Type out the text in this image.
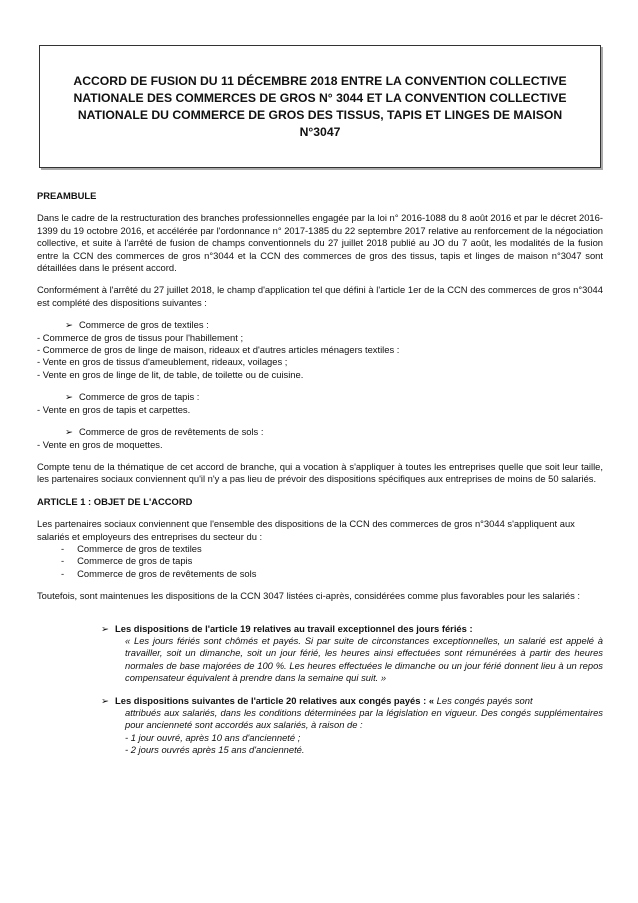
ACCORD DE FUSION DU 11 DÉCEMBRE 2018 ENTRE LA CONVENTION COLLECTIVE NATIONALE DES COMMERCES DE GROS N° 3044 ET LA CONVENTION COLLECTIVE NATIONALE DU COMMERCE DE GROS DES TISSUS, TAPIS ET LINGES DE MAISON N°3047

PREAMBULE

Dans le cadre de la restructuration des branches professionnelles engagée par la loi n° 2016-1088 du 8 août 2016 et par le décret 2016-1399 du 19 octobre 2016, et accélérée par l'ordonnance n° 2017-1385 du 22 septembre 2017 relative au renforcement de la négociation collective, et suite à l'arrêté de fusion de champs conventionnels du 27 juillet 2018 publié au JO du 7 août, les modalités de la fusion entre la CCN des commerces de gros n°3044 et la CCN des commerces de gros des tissus, tapis et linges de maison n°3047 sont détaillées dans le présent accord.

Conformément à l'arrêté du 27 juillet 2018, le champ d'application tel que défini à l'article 1er de la CCN des commerces de gros n°3044 est complété des dispositions suivantes :

➢ Commerce de gros de textiles :

- Commerce de gros de tissus pour l'habillement ;

- Commerce de gros de linge de maison, rideaux et d'autres articles ménagers textiles :

- Vente en gros de tissus d'ameublement, rideaux, voilages ;

- Vente en gros de linge de lit, de table, de toilette ou de cuisine.

➢ Commerce de gros de tapis :

- Vente en gros de tapis et carpettes.

➢ Commerce de gros de revêtements de sols :

- Vente en gros de moquettes.

Compte tenu de la thématique de cet accord de branche, qui a vocation à s'appliquer à toutes les entreprises quelle que soit leur taille, les partenaires sociaux conviennent qu'il n'y a pas lieu de prévoir des dispositions spécifiques aux entreprises de moins de 50 salariés.

ARTICLE 1 : OBJET DE L'ACCORD

Les partenaires sociaux conviennent que l'ensemble des dispositions de la CCN des commerces de gros n°3044 s'appliquent aux salariés et employeurs des entreprises du secteur du :

-     Commerce de gros de textiles

-     Commerce de gros de tapis

-     Commerce de gros de revêtements de sols

Toutefois, sont maintenues les dispositions de la CCN 3047 listées ci-après, considérées comme plus favorables pour les salariés :

➢ Les dispositions de l'article 19 relatives au travail exceptionnel des jours fériés :

« Les jours fériés sont chômés et payés. Si par suite de circonstances exceptionnelles, un salarié est appelé à travailler, soit un dimanche, soit un jour férié, les heures ainsi effectuées sont rémunérées à partir des heures normales de base majorées de 100 %. Les heures effectuées le dimanche ou un jour férié donnent lieu à un repos compensateur équivalent à prendre dans la semaine qui suit. »

➢ Les dispositions suivantes de l'article 20 relatives aux congés payés : « Les congés payés sont

attribués aux salariés, dans les conditions déterminées par la législation en vigueur. Des congés supplémentaires pour ancienneté sont accordés aux salariés, à raison de :

- 1 jour ouvré, après 10 ans d'ancienneté ;

- 2 jours ouvrés après 15 ans d'ancienneté.
